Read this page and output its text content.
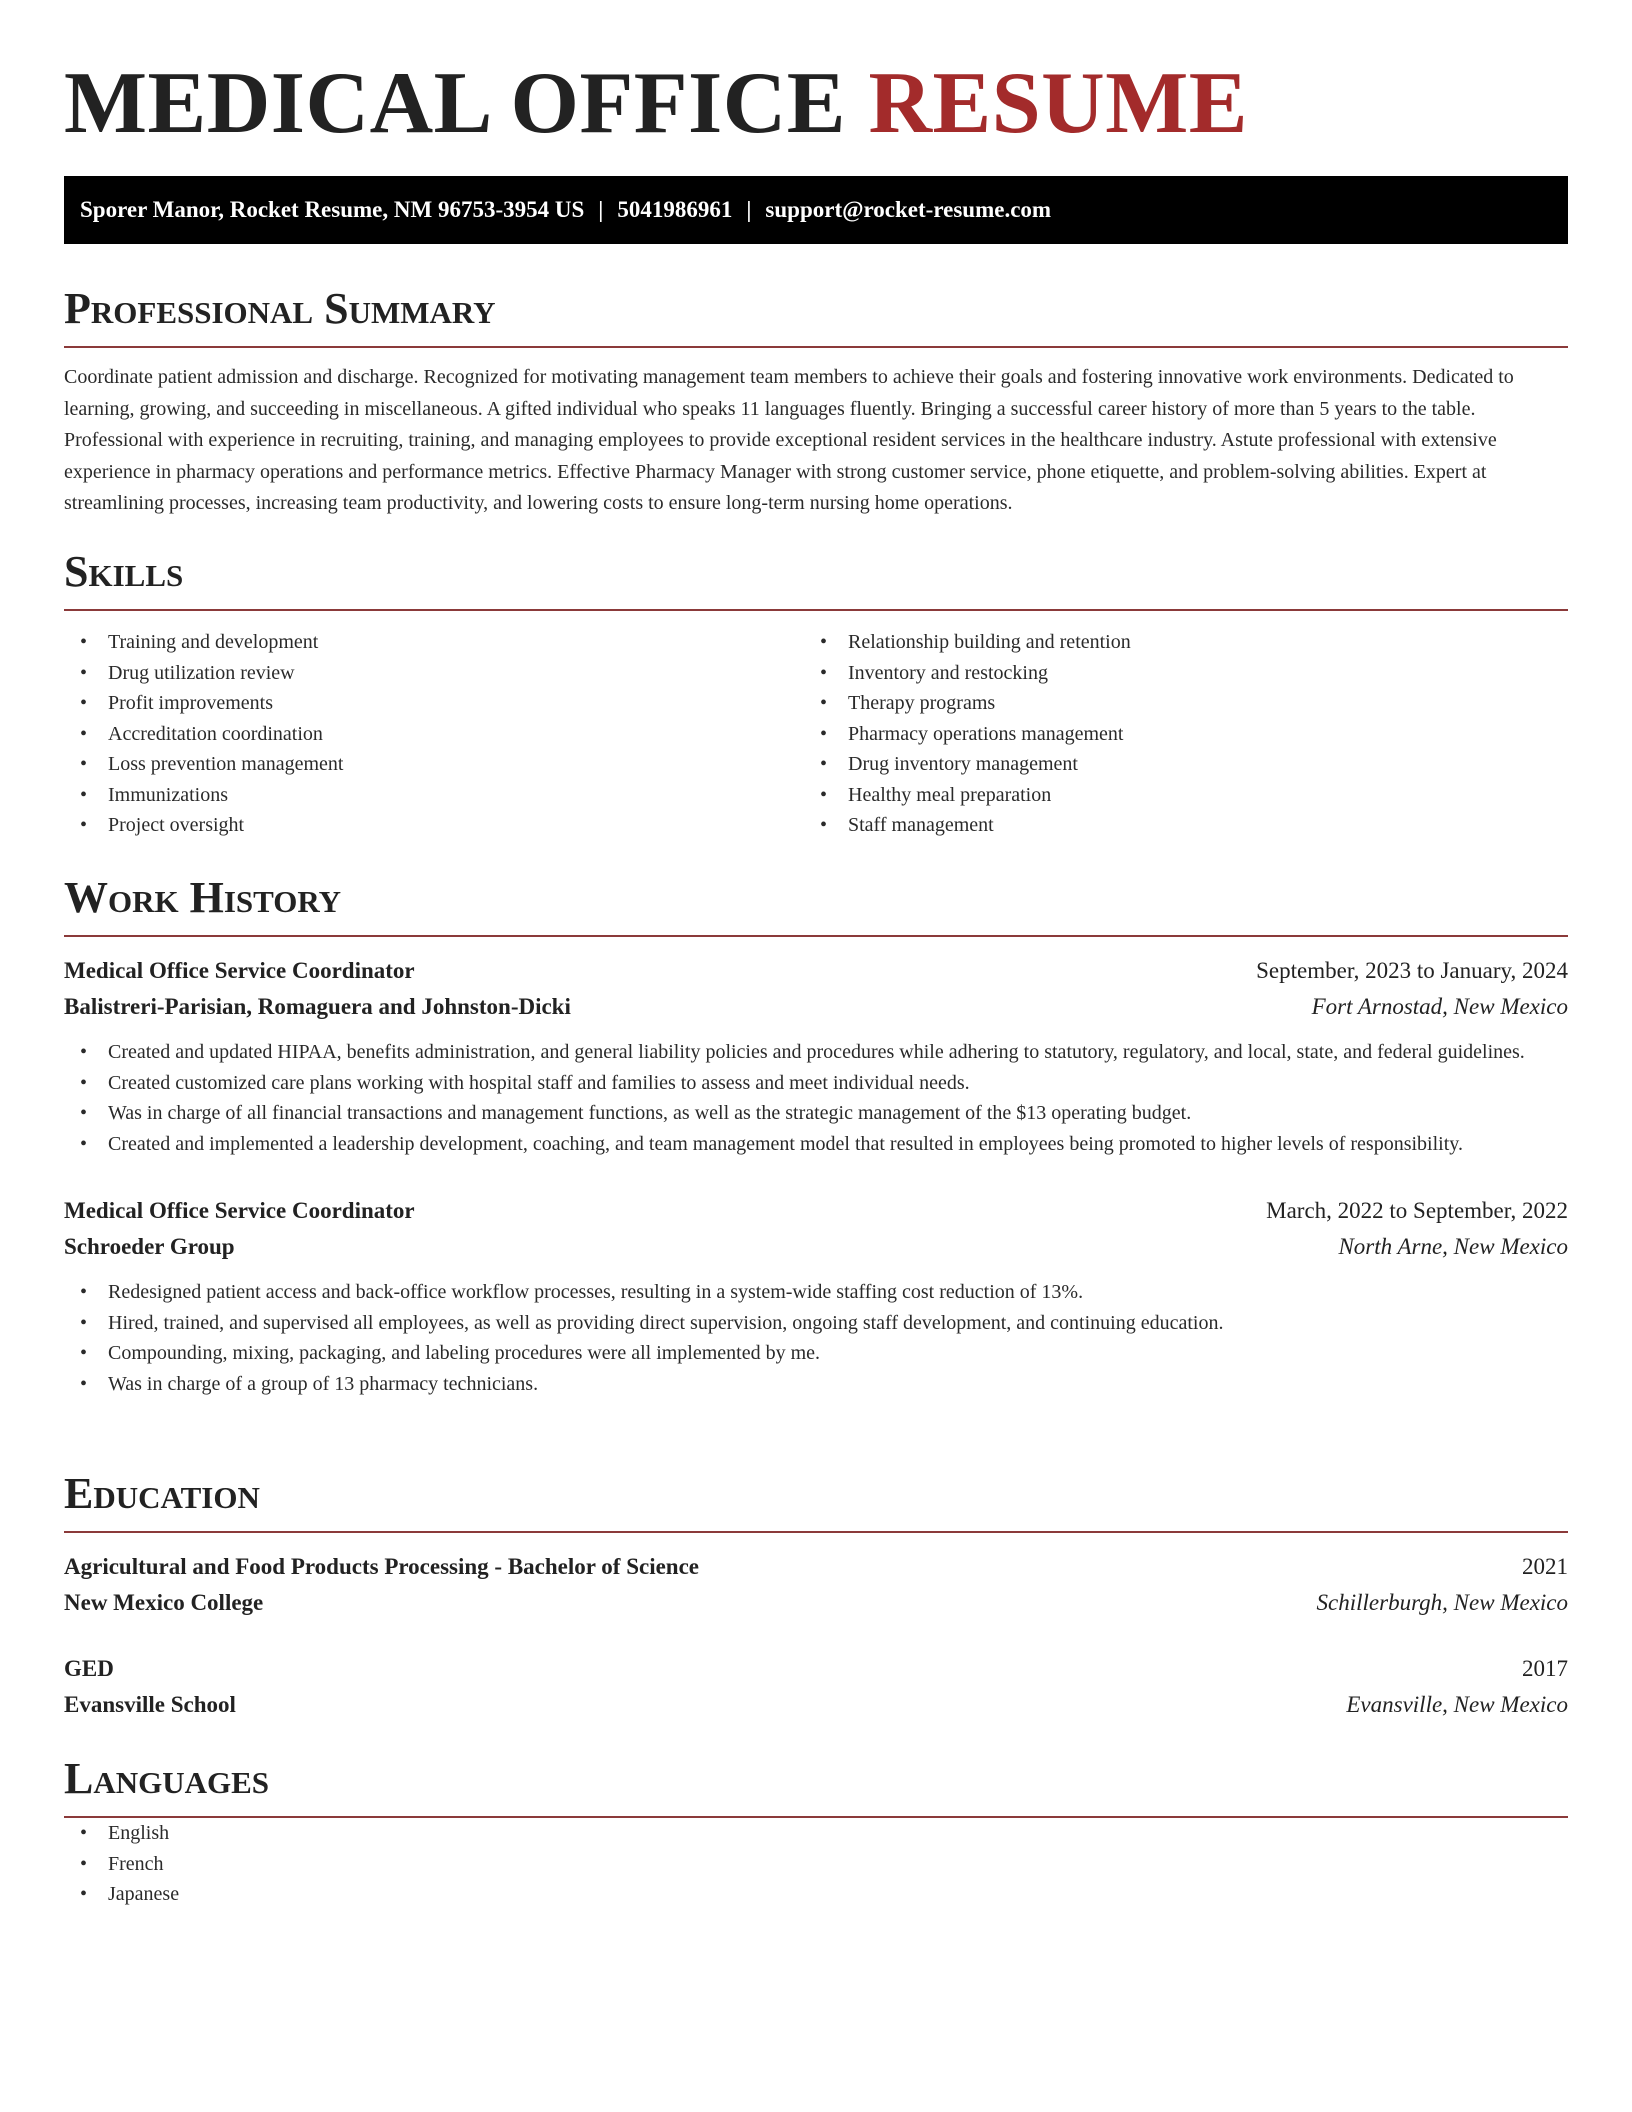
MEDICAL OFFICE RESUME
Sporer Manor, Rocket Resume, NM 96753-3954 US | 5041986961 | support@rocket-resume.com
Professional Summary

Coordinate patient admission and discharge. Recognized for motivating management team members to achieve their goals and fostering innovative work environments. Dedicated to learning, growing, and succeeding in miscellaneous. A gifted individual who speaks 11 languages fluently. Bringing a successful career history of more than 5 years to the table. Professional with experience in recruiting, training, and managing employees to provide exceptional resident services in the healthcare industry. Astute professional with extensive experience in pharmacy operations and performance metrics. Effective Pharmacy Manager with strong customer service, phone etiquette, and problem-solving abilities. Expert at streamlining processes, increasing team productivity, and lowering costs to ensure long-term nursing home operations.

Skills
• Training and development
• Drug utilization review
• Profit improvements
• Accreditation coordination
• Loss prevention management
• Immunizations
• Project oversight
• Relationship building and retention
• Inventory and restocking
• Therapy programs
• Pharmacy operations management
• Drug inventory management
• Healthy meal preparation
• Staff management
Work History
Medical Office Service Coordinator	September, 2023 to January, 2024
Balistreri-Parisian, Romaguera and Johnston-Dicki	Fort Arnostad, New Mexico
• Created and updated HIPAA, benefits administration, and general liability policies and procedures while adhering to statutory, regulatory, and local, state, and federal guidelines.
• Created customized care plans working with hospital staff and families to assess and meet individual needs.
• Was in charge of all financial transactions and management functions, as well as the strategic management of the $13 operating budget.
• Created and implemented a leadership development, coaching, and team management model that resulted in employees being promoted to higher levels of responsibility.
Medical Office Service Coordinator	March, 2022 to September, 2022
Schroeder Group	North Arne, New Mexico
• Redesigned patient access and back-office workflow processes, resulting in a system-wide staffing cost reduction of 13%.
• Hired, trained, and supervised all employees, as well as providing direct supervision, ongoing staff development, and continuing education.
• Compounding, mixing, packaging, and labeling procedures were all implemented by me.
• Was in charge of a group of 13 pharmacy technicians.
Education
Agricultural and Food Products Processing - Bachelor of Science	2021
New Mexico College	Schillerburgh, New Mexico
GED	2017
Evansville School	Evansville, New Mexico
Languages
• English
• French
• Japanese
